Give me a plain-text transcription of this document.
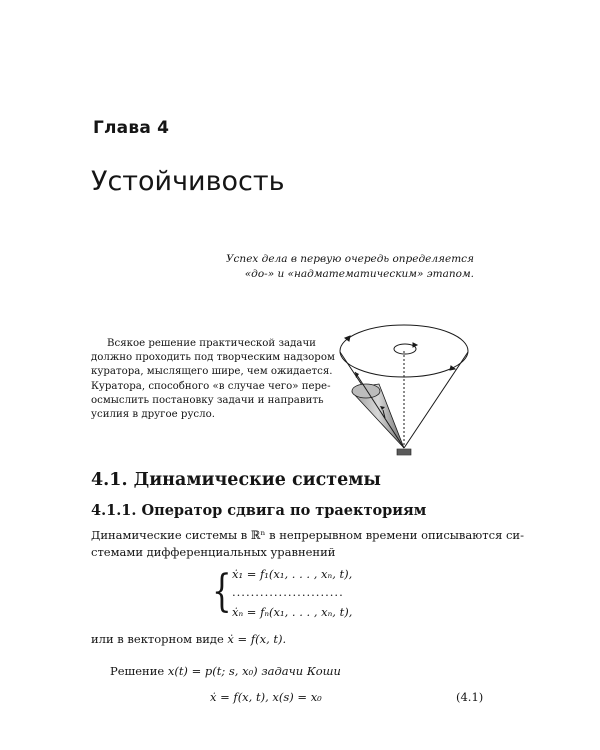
Глава 4
Устойчивость
Успех дела в первую очередь определяется
«до-» и «надматематическим» этапом.
Всякое решение практической задачи
должно проходить под творческим надзором
куратора, мыслящего шире, чем ожидается.
Куратора, способного «в случае чего» пере-
осмыслить постановку задачи и направить
усилия в другое русло.
4.1. Динамические системы
4.1.1. Оператор сдвига по траекториям
Динамические системы в ℝⁿ в непрерывном времени описываются си-
стемами дифференциальных уравнений
{ ẋ₁ = f₁(x₁, . . . , xₙ, t),
........................
ẋₙ = fₙ(x₁, . . . , xₙ, t),
или в векторном виде ẋ = f(x, t).
Решение x(t) = p(t; s, x₀) задачи Коши
ẋ = f(x, t), x(s) = x₀	(4.1)
